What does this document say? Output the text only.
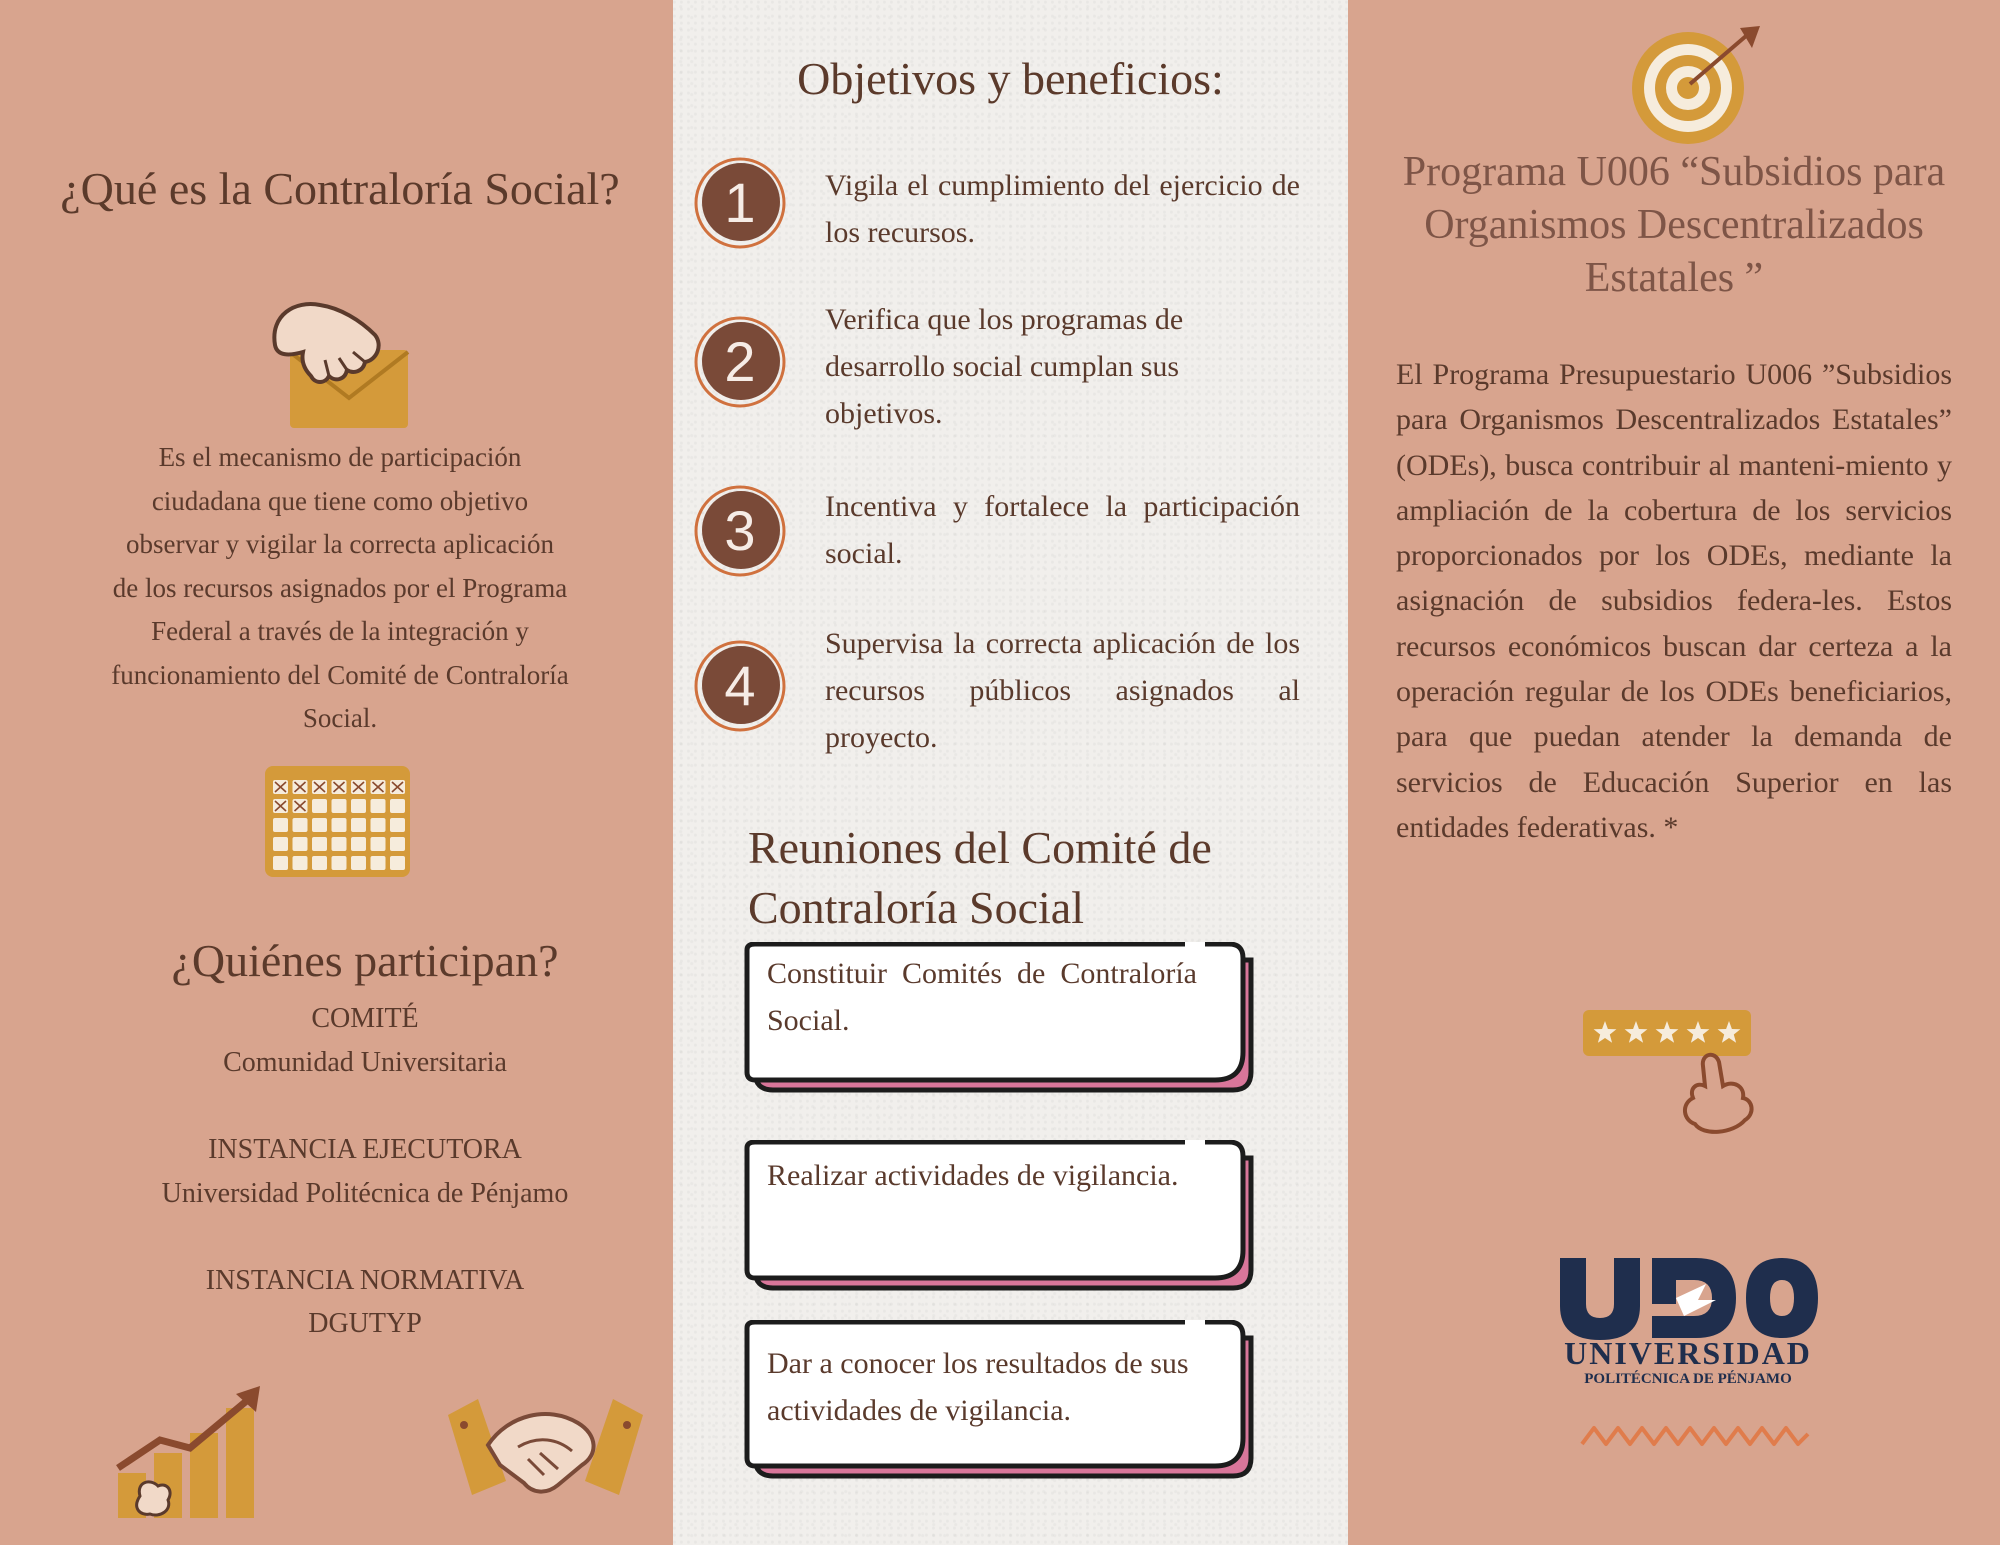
¿Qué es la Contraloría Social?
Es el mecanismo de participación ciudadana que tiene como objetivo observar y vigilar la correcta aplicación de los recursos asignados por el Programa Federal a través de la integración y funcionamiento del Comité de Contraloría Social.
¿Quiénes participan?
COMITÉ
Comunidad Universitaria
INSTANCIA EJECUTORA
Universidad Politécnica de Pénjamo
INSTANCIA NORMATIVA
DGUTYP
Objetivos y beneficios:
1	Vigila el cumplimiento del ejercicio de los recursos.
2
Verifica que los programas de desarrollo social cumplan sus objetivos.
3	Incentiva y fortalece la participación social.
4
Supervisa la correcta aplicación de los recursos públicos asignados al proyecto.
Reuniones del Comité de Contraloría Social
Constituir Comités de Contraloría Social.
Realizar actividades de vigilancia.
Dar a conocer los resultados de sus actividades de vigilancia.
Programa U006 “Subsidios para Organismos Descentralizados Estatales ”
El Programa Presupuestario U006 ”Subsidios para Organismos Descentralizados Estatales” (ODEs), busca contribuir al manteni-miento y ampliación de la cobertura de los servicios proporcionados por los ODEs, mediante la asignación de subsidios federa-les. Estos recursos económicos buscan dar certeza a la operación regular de los ODEs beneficiarios, para que puedan atender la demanda de servicios de Educación Superior en las entidades federativas. *
UNIVERSIDAD
POLITÉCNICA DE PÉNJAMO
